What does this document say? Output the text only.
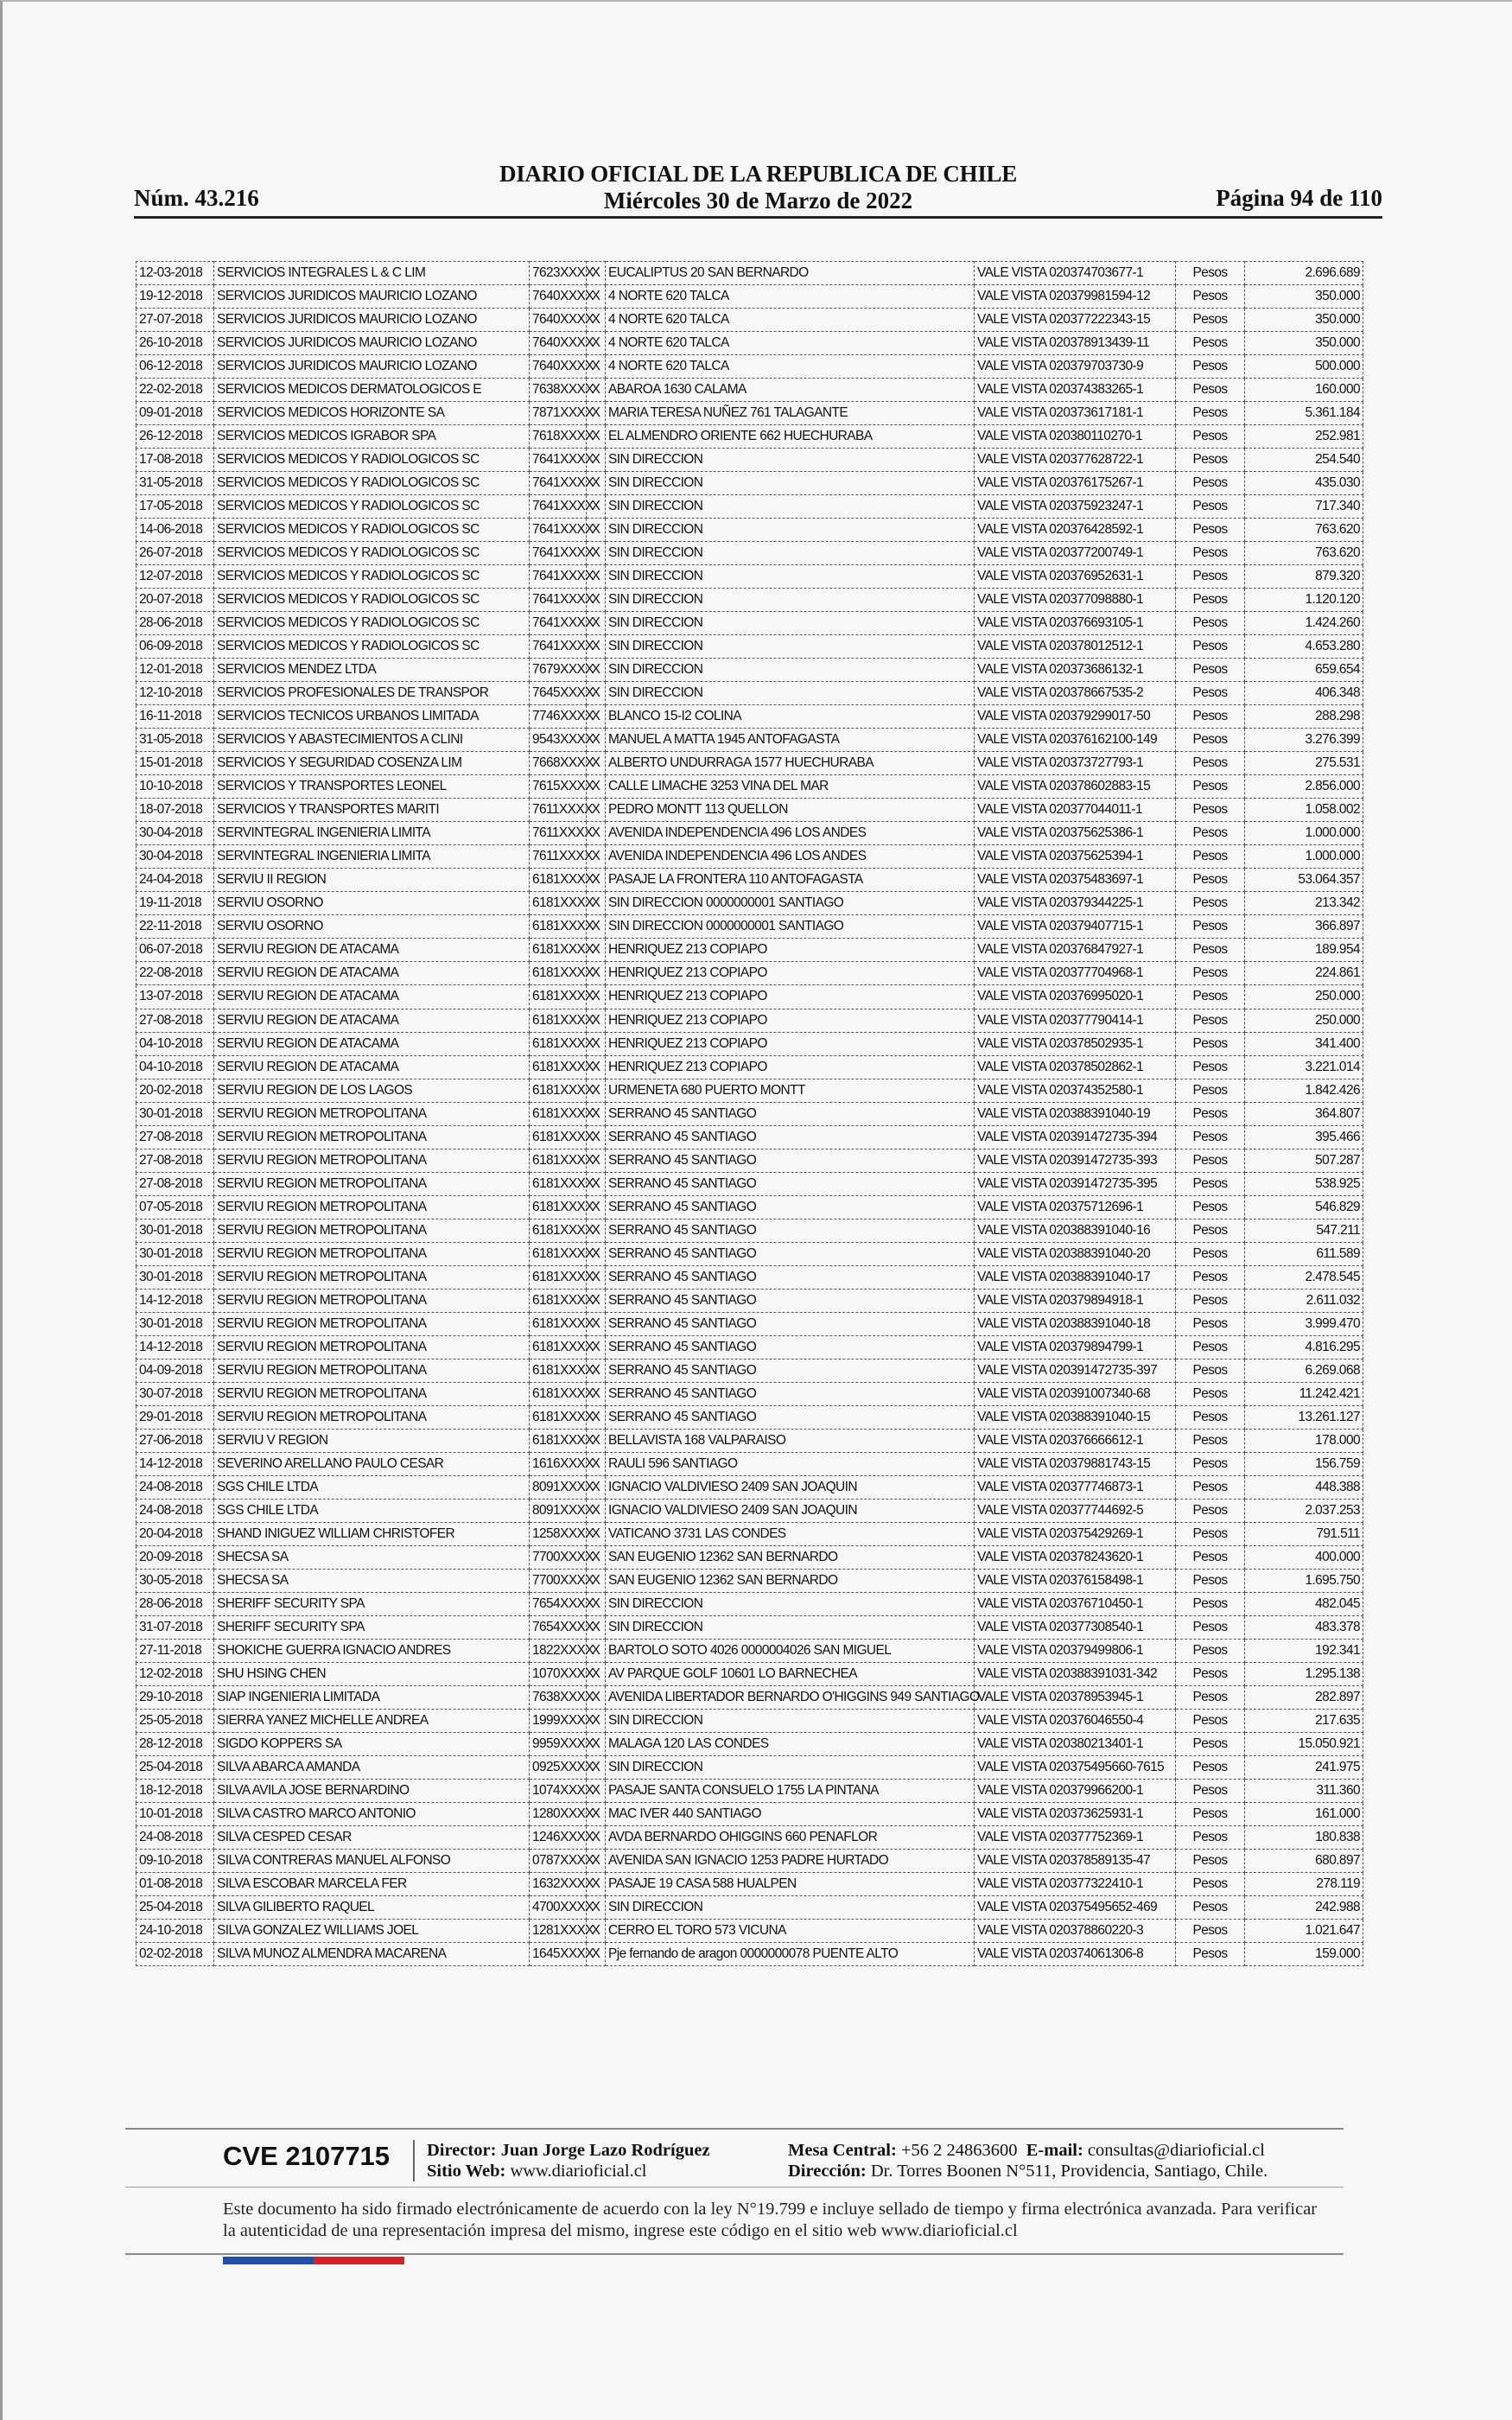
Núm. 43.216
DIARIO OFICIAL DE LA REPUBLICA DE CHILE
Miércoles 30 de Marzo de 2022	Página 94 de 110
12-03-2018	SERVICIOS INTEGRALES L & C LIM	7623XXXX	X	EUCALIPTUS 20 SAN BERNARDO	VALE VISTA 020374703677-1	Pesos	2.696.689
19-12-2018	SERVICIOS JURIDICOS MAURICIO LOZANO	7640XXXX	X	4 NORTE 620 TALCA	VALE VISTA 020379981594-12	Pesos	350.000
27-07-2018	SERVICIOS JURIDICOS MAURICIO LOZANO	7640XXXX	X	4 NORTE 620 TALCA	VALE VISTA 020377222343-15	Pesos	350.000
26-10-2018	SERVICIOS JURIDICOS MAURICIO LOZANO	7640XXXX	X	4 NORTE 620 TALCA	VALE VISTA 020378913439-11	Pesos	350.000
06-12-2018	SERVICIOS JURIDICOS MAURICIO LOZANO	7640XXXX	X	4 NORTE 620 TALCA	VALE VISTA 020379703730-9	Pesos	500.000
22-02-2018	SERVICIOS MEDICOS DERMATOLOGICOS E	7638XXXX	X	ABAROA 1630 CALAMA	VALE VISTA 020374383265-1	Pesos	160.000
09-01-2018	SERVICIOS MEDICOS HORIZONTE SA	7871XXXX	X	MARIA TERESA NUÑEZ 761 TALAGANTE	VALE VISTA 020373617181-1	Pesos	5.361.184
26-12-2018	SERVICIOS MEDICOS IGRABOR SPA	7618XXXX	X	EL ALMENDRO ORIENTE 662 HUECHURABA	VALE VISTA 020380110270-1	Pesos	252.981
17-08-2018	SERVICIOS MEDICOS Y RADIOLOGICOS SC	7641XXXX	X	SIN DIRECCION	VALE VISTA 020377628722-1	Pesos	254.540
31-05-2018	SERVICIOS MEDICOS Y RADIOLOGICOS SC	7641XXXX	X	SIN DIRECCION	VALE VISTA 020376175267-1	Pesos	435.030
17-05-2018	SERVICIOS MEDICOS Y RADIOLOGICOS SC	7641XXXX	X	SIN DIRECCION	VALE VISTA 020375923247-1	Pesos	717.340
14-06-2018	SERVICIOS MEDICOS Y RADIOLOGICOS SC	7641XXXX	X	SIN DIRECCION	VALE VISTA 020376428592-1	Pesos	763.620
26-07-2018	SERVICIOS MEDICOS Y RADIOLOGICOS SC	7641XXXX	X	SIN DIRECCION	VALE VISTA 020377200749-1	Pesos	763.620
12-07-2018	SERVICIOS MEDICOS Y RADIOLOGICOS SC	7641XXXX	X	SIN DIRECCION	VALE VISTA 020376952631-1	Pesos	879.320
20-07-2018	SERVICIOS MEDICOS Y RADIOLOGICOS SC	7641XXXX	X	SIN DIRECCION	VALE VISTA 020377098880-1	Pesos	1.120.120
28-06-2018	SERVICIOS MEDICOS Y RADIOLOGICOS SC	7641XXXX	X	SIN DIRECCION	VALE VISTA 020376693105-1	Pesos	1.424.260
06-09-2018	SERVICIOS MEDICOS Y RADIOLOGICOS SC	7641XXXX	X	SIN DIRECCION	VALE VISTA 020378012512-1	Pesos	4.653.280
12-01-2018	SERVICIOS MENDEZ LTDA	7679XXXX	X	SIN DIRECCION	VALE VISTA 020373686132-1	Pesos	659.654
12-10-2018	SERVICIOS PROFESIONALES DE TRANSPOR	7645XXXX	X	SIN DIRECCION	VALE VISTA 020378667535-2	Pesos	406.348
16-11-2018	SERVICIOS TECNICOS URBANOS LIMITADA	7746XXXX	X	BLANCO 15-I2 COLINA	VALE VISTA 020379299017-50	Pesos	288.298
31-05-2018	SERVICIOS Y ABASTECIMIENTOS A CLINI	9543XXXX	X	MANUEL A MATTA 1945 ANTOFAGASTA	VALE VISTA 020376162100-149	Pesos	3.276.399
15-01-2018	SERVICIOS Y SEGURIDAD COSENZA LIM	7668XXXX	X	ALBERTO UNDURRAGA 1577 HUECHURABA	VALE VISTA 020373727793-1	Pesos	275.531
10-10-2018	SERVICIOS Y TRANSPORTES LEONEL	7615XXXX	X	CALLE LIMACHE 3253 VINA DEL MAR	VALE VISTA 020378602883-15	Pesos	2.856.000
18-07-2018	SERVICIOS Y TRANSPORTES MARITI	7611XXXX	X	PEDRO MONTT 113 QUELLON	VALE VISTA 020377044011-1	Pesos	1.058.002
30-04-2018	SERVINTEGRAL INGENIERIA LIMITA	7611XXXX	X	AVENIDA INDEPENDENCIA 496 LOS ANDES	VALE VISTA 020375625386-1	Pesos	1.000.000
30-04-2018	SERVINTEGRAL INGENIERIA LIMITA	7611XXXX	X	AVENIDA INDEPENDENCIA 496 LOS ANDES	VALE VISTA 020375625394-1	Pesos	1.000.000
24-04-2018	SERVIU II REGION	6181XXXX	X	PASAJE LA FRONTERA 110 ANTOFAGASTA	VALE VISTA 020375483697-1	Pesos	53.064.357
19-11-2018	SERVIU OSORNO	6181XXXX	X	SIN DIRECCION 0000000001 SANTIAGO	VALE VISTA 020379344225-1	Pesos	213.342
22-11-2018	SERVIU OSORNO	6181XXXX	X	SIN DIRECCION 0000000001 SANTIAGO	VALE VISTA 020379407715-1	Pesos	366.897
06-07-2018	SERVIU REGION DE ATACAMA	6181XXXX	X	HENRIQUEZ 213 COPIAPO	VALE VISTA 020376847927-1	Pesos	189.954
22-08-2018	SERVIU REGION DE ATACAMA	6181XXXX	X	HENRIQUEZ 213 COPIAPO	VALE VISTA 020377704968-1	Pesos	224.861
13-07-2018	SERVIU REGION DE ATACAMA	6181XXXX	X	HENRIQUEZ 213 COPIAPO	VALE VISTA 020376995020-1	Pesos	250.000
27-08-2018	SERVIU REGION DE ATACAMA	6181XXXX	X	HENRIQUEZ 213 COPIAPO	VALE VISTA 020377790414-1	Pesos	250.000
04-10-2018	SERVIU REGION DE ATACAMA	6181XXXX	X	HENRIQUEZ 213 COPIAPO	VALE VISTA 020378502935-1	Pesos	341.400
04-10-2018	SERVIU REGION DE ATACAMA	6181XXXX	X	HENRIQUEZ 213 COPIAPO	VALE VISTA 020378502862-1	Pesos	3.221.014
20-02-2018	SERVIU REGION DE LOS LAGOS	6181XXXX	X	URMENETA 680 PUERTO MONTT	VALE VISTA 020374352580-1	Pesos	1.842.426
30-01-2018	SERVIU REGION METROPOLITANA	6181XXXX	X	SERRANO 45 SANTIAGO	VALE VISTA 020388391040-19	Pesos	364.807
27-08-2018	SERVIU REGION METROPOLITANA	6181XXXX	X	SERRANO 45 SANTIAGO	VALE VISTA 020391472735-394	Pesos	395.466
27-08-2018	SERVIU REGION METROPOLITANA	6181XXXX	X	SERRANO 45 SANTIAGO	VALE VISTA 020391472735-393	Pesos	507.287
27-08-2018	SERVIU REGION METROPOLITANA	6181XXXX	X	SERRANO 45 SANTIAGO	VALE VISTA 020391472735-395	Pesos	538.925
07-05-2018	SERVIU REGION METROPOLITANA	6181XXXX	X	SERRANO 45 SANTIAGO	VALE VISTA 020375712696-1	Pesos	546.829
30-01-2018	SERVIU REGION METROPOLITANA	6181XXXX	X	SERRANO 45 SANTIAGO	VALE VISTA 020388391040-16	Pesos	547.211
30-01-2018	SERVIU REGION METROPOLITANA	6181XXXX	X	SERRANO 45 SANTIAGO	VALE VISTA 020388391040-20	Pesos	611.589
30-01-2018	SERVIU REGION METROPOLITANA	6181XXXX	X	SERRANO 45 SANTIAGO	VALE VISTA 020388391040-17	Pesos	2.478.545
14-12-2018	SERVIU REGION METROPOLITANA	6181XXXX	X	SERRANO 45 SANTIAGO	VALE VISTA 020379894918-1	Pesos	2.611.032
30-01-2018	SERVIU REGION METROPOLITANA	6181XXXX	X	SERRANO 45 SANTIAGO	VALE VISTA 020388391040-18	Pesos	3.999.470
14-12-2018	SERVIU REGION METROPOLITANA	6181XXXX	X	SERRANO 45 SANTIAGO	VALE VISTA 020379894799-1	Pesos	4.816.295
04-09-2018	SERVIU REGION METROPOLITANA	6181XXXX	X	SERRANO 45 SANTIAGO	VALE VISTA 020391472735-397	Pesos	6.269.068
30-07-2018	SERVIU REGION METROPOLITANA	6181XXXX	X	SERRANO 45 SANTIAGO	VALE VISTA 020391007340-68	Pesos	11.242.421
29-01-2018	SERVIU REGION METROPOLITANA	6181XXXX	X	SERRANO 45 SANTIAGO	VALE VISTA 020388391040-15	Pesos	13.261.127
27-06-2018	SERVIU V REGION	6181XXXX	X	BELLAVISTA 168 VALPARAISO	VALE VISTA 020376666612-1	Pesos	178.000
14-12-2018	SEVERINO ARELLANO PAULO CESAR	1616XXXX	X	RAULI 596 SANTIAGO	VALE VISTA 020379881743-15	Pesos	156.759
24-08-2018	SGS CHILE LTDA	8091XXXX	X	IGNACIO VALDIVIESO 2409 SAN JOAQUIN	VALE VISTA 020377746873-1	Pesos	448.388
24-08-2018	SGS CHILE LTDA	8091XXXX	X	IGNACIO VALDIVIESO 2409 SAN JOAQUIN	VALE VISTA 020377744692-5	Pesos	2.037.253
20-04-2018	SHAND INIGUEZ WILLIAM CHRISTOFER	1258XXXX	X	VATICANO 3731 LAS CONDES	VALE VISTA 020375429269-1	Pesos	791.511
20-09-2018	SHECSA SA	7700XXXX	X	SAN EUGENIO 12362 SAN BERNARDO	VALE VISTA 020378243620-1	Pesos	400.000
30-05-2018	SHECSA SA	7700XXXX	X	SAN EUGENIO 12362 SAN BERNARDO	VALE VISTA 020376158498-1	Pesos	1.695.750
28-06-2018	SHERIFF SECURITY SPA	7654XXXX	X	SIN DIRECCION	VALE VISTA 020376710450-1	Pesos	482.045
31-07-2018	SHERIFF SECURITY SPA	7654XXXX	X	SIN DIRECCION	VALE VISTA 020377308540-1	Pesos	483.378
27-11-2018	SHOKICHE GUERRA IGNACIO ANDRES	1822XXXX	X	BARTOLO SOTO 4026 0000004026 SAN MIGUEL	VALE VISTA 020379499806-1	Pesos	192.341
12-02-2018	SHU HSING CHEN	1070XXXX	X	AV PARQUE GOLF 10601 LO BARNECHEA	VALE VISTA 020388391031-342	Pesos	1.295.138
29-10-2018	SIAP INGENIERIA LIMITADA	7638XXXX	X	AVENIDA LIBERTADOR BERNARDO O'HIGGINS 949 SANTIAGO	VALE VISTA 020378953945-1	Pesos	282.897
25-05-2018	SIERRA YANEZ MICHELLE ANDREA	1999XXXX	X	SIN DIRECCION	VALE VISTA 020376046550-4	Pesos	217.635
28-12-2018	SIGDO KOPPERS SA	9959XXXX	X	MALAGA 120 LAS CONDES	VALE VISTA 020380213401-1	Pesos	15.050.921
25-04-2018	SILVA ABARCA AMANDA	0925XXXX	X	SIN DIRECCION	VALE VISTA 020375495660-7615	Pesos	241.975
18-12-2018	SILVA AVILA JOSE BERNARDINO	1074XXXX	X	PASAJE SANTA CONSUELO 1755 LA PINTANA	VALE VISTA 020379966200-1	Pesos	311.360
10-01-2018	SILVA CASTRO MARCO ANTONIO	1280XXXX	X	MAC IVER 440 SANTIAGO	VALE VISTA 020373625931-1	Pesos	161.000
24-08-2018	SILVA CESPED CESAR	1246XXXX	X	AVDA BERNARDO OHIGGINS 660 PENAFLOR	VALE VISTA 020377752369-1	Pesos	180.838
09-10-2018	SILVA CONTRERAS MANUEL ALFONSO	0787XXXX	X	AVENIDA SAN IGNACIO 1253 PADRE HURTADO	VALE VISTA 020378589135-47	Pesos	680.897
01-08-2018	SILVA ESCOBAR MARCELA FER	1632XXXX	X	PASAJE 19 CASA 588 HUALPEN	VALE VISTA 020377322410-1	Pesos	278.119
25-04-2018	SILVA GILIBERTO RAQUEL	4700XXXX	X	SIN DIRECCION	VALE VISTA 020375495652-469	Pesos	242.988
24-10-2018	SILVA GONZALEZ WILLIAMS JOEL	1281XXXX	X	CERRO EL TORO 573 VICUNA	VALE VISTA 020378860220-3	Pesos	1.021.647
02-02-2018	SILVA MUNOZ ALMENDRA MACARENA	1645XXXX	X	Pje fernando de aragon 0000000078 PUENTE ALTO	VALE VISTA 020374061306-8	Pesos	159.000
CVE 2107715 Director: Juan Jorge Lazo Rodríguez
Sitio Web: www.diarioficial.cl
Mesa Central: +56 2 24863600 E-mail: consultas@diarioficial.cl
Dirección: Dr. Torres Boonen N°511, Providencia, Santiago, Chile.
Este documento ha sido firmado electrónicamente de acuerdo con la ley N°19.799 e incluye sellado de tiempo y firma electrónica avanzada. Para verificar la autenticidad de una representación impresa del mismo, ingrese este código en el sitio web www.diarioficial.cl
